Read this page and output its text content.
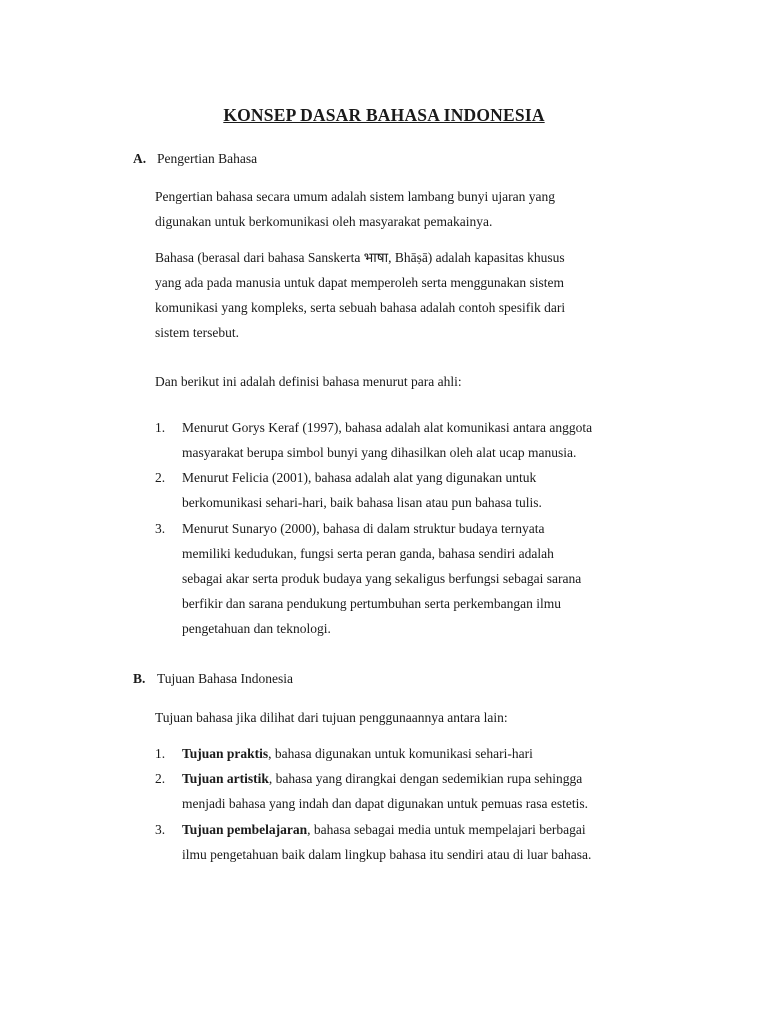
KONSEP DASAR BAHASA INDONESIA
A. Pengertian Bahasa
Pengertian bahasa secara umum adalah sistem lambang bunyi ujaran yang
digunakan untuk berkomunikasi oleh masyarakat pemakainya.
Bahasa (berasal dari bahasa Sanskerta भाषा, Bhāṣā) adalah kapasitas khusus
yang ada pada manusia untuk dapat memperoleh serta menggunakan sistem
komunikasi yang kompleks, serta sebuah bahasa adalah contoh spesifik dari
sistem tersebut.
Dan berikut ini adalah definisi bahasa menurut para ahli:
1. Menurut Gorys Keraf (1997), bahasa adalah alat komunikasi antara anggota
masyarakat berupa simbol bunyi yang dihasilkan oleh alat ucap manusia.
2. Menurut Felicia (2001), bahasa adalah alat yang digunakan untuk
berkomunikasi sehari-hari, baik bahasa lisan atau pun bahasa tulis.
3. Menurut Sunaryo (2000), bahasa di dalam struktur budaya ternyata
memiliki kedudukan, fungsi serta peran ganda, bahasa sendiri adalah
sebagai akar serta produk budaya yang sekaligus berfungsi sebagai sarana
berfikir dan sarana pendukung pertumbuhan serta perkembangan ilmu
pengetahuan dan teknologi.
B. Tujuan Bahasa Indonesia
Tujuan bahasa jika dilihat dari tujuan penggunaannya antara lain:
1. Tujuan praktis, bahasa digunakan untuk komunikasi sehari-hari
2. Tujuan artistik, bahasa yang dirangkai dengan sedemikian rupa sehingga
menjadi bahasa yang indah dan dapat digunakan untuk pemuas rasa estetis.
3. Tujuan pembelajaran, bahasa sebagai media untuk mempelajari berbagai
ilmu pengetahuan baik dalam lingkup bahasa itu sendiri atau di luar bahasa.
